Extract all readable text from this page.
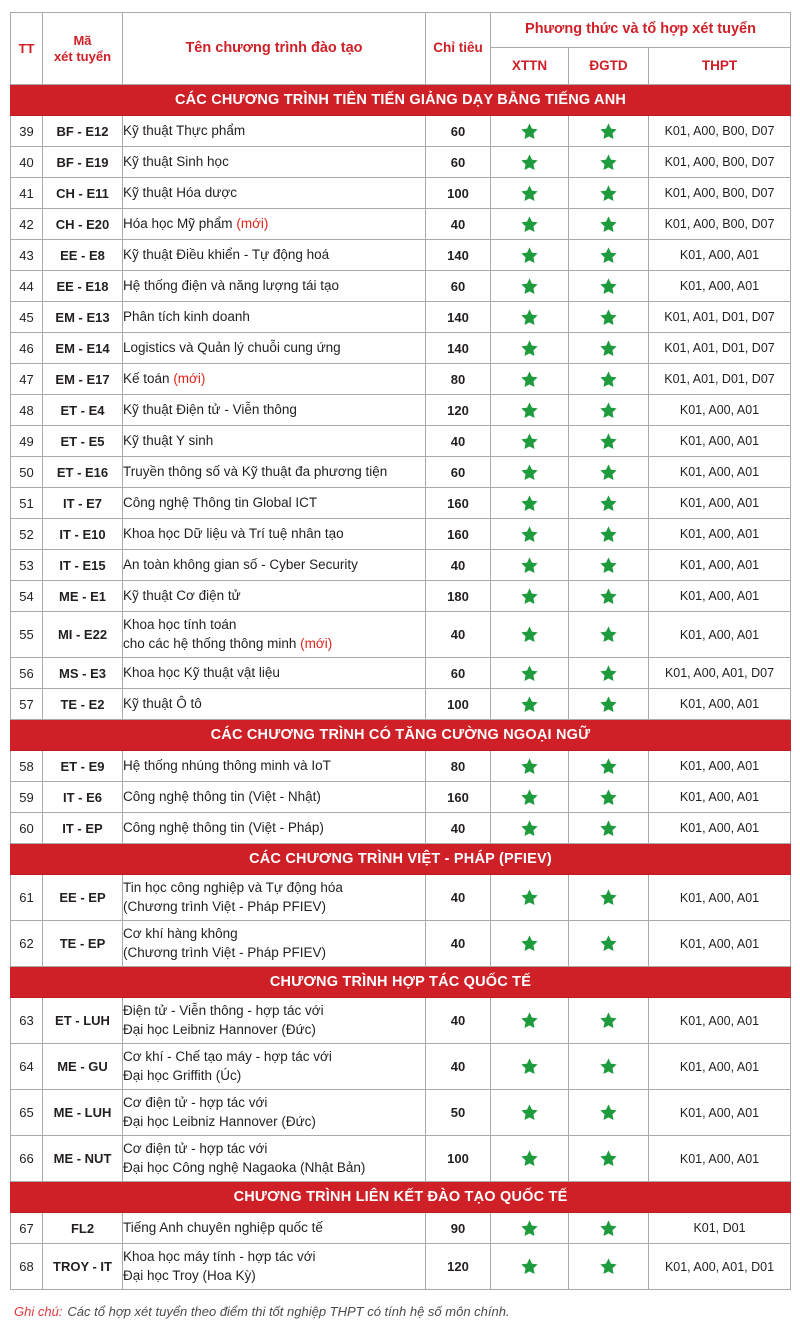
TT	Mã
xét tuyển	Tên chương trình đào tạo	Chỉ tiêu	Phương thức và tổ hợp xét tuyển		
				XTTN	ĐGTD	THPT
CÁC CHƯƠNG TRÌNH TIÊN TIẾN GIẢNG DẠY BẰNG TIẾNG ANH						
39	BF - E12	Kỹ thuật Thực phẩm	60			K01, A00, B00, D07
40	BF - E19	Kỹ thuật Sinh học	60			K01, A00, B00, D07
41	CH - E11	Kỹ thuật Hóa dược	100			K01, A00, B00, D07
42	CH - E20	Hóa học Mỹ phẩm (mới)	40			K01, A00, B00, D07
43	EE - E8	Kỹ thuật Điều khiển - Tự động hoá	140			K01, A00, A01
44	EE - E18	Hệ thống điện và năng lượng tái tạo	60			K01, A00, A01
45	EM - E13	Phân tích kinh doanh	140			K01, A01, D01, D07
46	EM - E14	Logistics và Quản lý chuỗi cung ứng	140			K01, A01, D01, D07
47	EM - E17	Kế toán (mới)	80			K01, A01, D01, D07
48	ET - E4	Kỹ thuật Điện tử - Viễn thông	120			K01, A00, A01
49	ET - E5	Kỹ thuật Y sinh	40			K01, A00, A01
50	ET - E16	Truyền thông số và Kỹ thuật đa phương tiện	60			K01, A00, A01
51	IT - E7	Công nghệ Thông tin Global ICT	160			K01, A00, A01
52	IT - E10	Khoa học Dữ liệu và Trí tuệ nhân tạo	160			K01, A00, A01
53	IT - E15	An toàn không gian số - Cyber Security	40			K01, A00, A01
54	ME - E1	Kỹ thuật Cơ điện tử	180			K01, A00, A01
55	MI - E22	Khoa học tính toán
cho các hệ thống thông minh (mới)	40			K01, A00, A01
56	MS - E3	Khoa học Kỹ thuật vật liệu	60			K01, A00, A01, D07
57	TE - E2	Kỹ thuật Ô tô	100			K01, A00, A01
CÁC CHƯƠNG TRÌNH CÓ TĂNG CƯỜNG NGOẠI NGỮ						
58	ET - E9	Hệ thống nhúng thông minh và IoT	80			K01, A00, A01
59	IT - E6	Công nghệ thông tin (Việt - Nhật)	160			K01, A00, A01
60	IT - EP	Công nghệ thông tin (Việt - Pháp)	40			K01, A00, A01
CÁC CHƯƠNG TRÌNH VIỆT - PHÁP (PFIEV)						
61	EE - EP	Tin học công nghiệp và Tự động hóa
(Chương trình Việt - Pháp PFIEV)	40			K01, A00, A01
62	TE - EP	Cơ khí hàng không
(Chương trình Việt - Pháp PFIEV)	40			K01, A00, A01
CHƯƠNG TRÌNH HỢP TÁC QUỐC TẾ						
63	ET - LUH	Điện tử - Viễn thông - hợp tác với
Đại học Leibniz Hannover (Đức)	40			K01, A00, A01
64	ME - GU	Cơ khí - Chế tạo máy - hợp tác với
Đại học Griffith (Úc)	40			K01, A00, A01
65	ME - LUH	Cơ điện tử - hợp tác với
Đại học Leibniz Hannover (Đức)	50			K01, A00, A01
66	ME - NUT	Cơ điện tử - hợp tác với
Đại học Công nghệ Nagaoka (Nhật Bản)	100			K01, A00, A01
CHƯƠNG TRÌNH LIÊN KẾT ĐÀO TẠO QUỐC TẾ						
67	FL2	Tiếng Anh chuyên nghiệp quốc tế	90			K01, D01
68	TROY - IT	Khoa học máy tính - hợp tác với
Đại học Troy (Hoa Kỳ)	120			K01, A00, A01, D01

Ghi chú: Các tổ hợp xét tuyển theo điểm thi tốt nghiệp THPT có tính hệ số môn chính.
